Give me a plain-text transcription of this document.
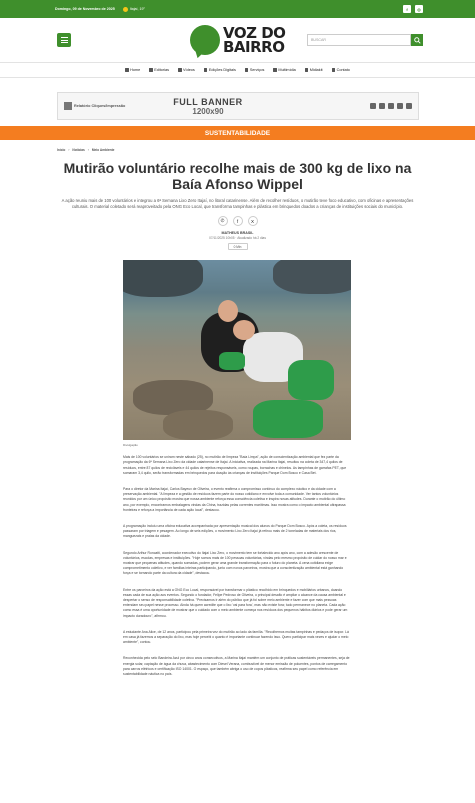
Domingo, 09 de Novembro de 2025	Itajaí, 19°	f	◎
VOZ DO
BAIRRO	BUSCAR
Home	Editorias	Vídeos	Edições Digitais	Serviços	Multimídia	Midiakit	Contato
Relatório Cliques/Impressão	FULL BANNER
1200x90
SUSTENTABILIDADE
Início › Notícias › Meio Ambiente
Mutirão voluntário recolhe mais de 300 kg de lixo na Baía Afonso Wippel

A ação reuniu mais de 100 voluntários e integrou a 6ª Semana Lixo Zero Itajaí, no litoral catarinense. Além de recolher resíduos, o mutirão teve foco educativo, com oficinas e apresentações culturais. O material coletado será reaproveitado pela ONG Eco Local, que transforma tampinhas e plástica em brinquedos doados a crianças de instituições sociais do município.

✆	f	X
MATHEUS BRASIL
07/11/2025 10h05 · Atualizado há 2 dias
0 Min
Divulgação

Mais de 100 voluntários se uniram neste sábado (25), no mutirão de limpeza "Baía Limpa", ação de conscientização ambiental que fez parte da programação da 6ª Semana Lixo Zero da cidade catarinense de Itajaí. A iniciativa, realizada na Marina Itajaí, resultou na coleta de 347,4 quilos de resíduos, entre 87 quilos de recicláveis e 44 quilos de rejeitos responsáveis, como roupas, borrachas e chinelos. As tampinhas de garrafas PET, que somaram 3,4 quilo, serão transformadas em brinquedos para doação às crianças de instituições Parque Dom Bosco e Casa Bet.

Para o diretor da Marina Itajaí, Carlos Bayeux de Oliveira, o evento reafirma o compromisso contínuo do complexo náutico e da cidade com a preservação ambiental. "A limpeza e a gestão de resíduos fazem parte do nosso cotidiano e envolve toda a comunidade. Ver tantos voluntários reunidos por um único propósito mostra que nossa ambiente reforça essa consciência coletiva e inspira novas atitudes. Durante o mutirão do último ano, por exemplo, encontramos embalagens vindas da China, trazidas pelas correntes marítimas. Isso mostra como o impacto ambiental ultrapassa fronteiras e reforça a importância de cada ação local", destacou.

A programação incluiu uma oficina educativa acompanhada por apresentação musical dos alunos do Parque Dom Bosco. Após a coleta, os resíduos passaram por triagem e pesagem. Ao longo de seis edições, o movimento Lixo Zero Itajaí já retirou mais de 2 toneladas de materiais dos rios, manguezais e praias da cidade.

Segundo Arthur Roncatti, coordenador executivo do Itajaí Lixo Zero, o movimento tem se fortalecido ano após ano, com a adesão crescente de voluntários, escolas, empresas e instituições. "Hoje somos mais de 100 pessoas voluntárias, vindas pelo mesmo propósito de cuidar do nosso mar e mostrar que pequenas atitudes, quando somadas, podem gerar uma grande transformação para o futuro do planeta. A cena cotidiana exige comprometimento coletivo, e ver famílias inteiras participando, junto com novos parceiros, mostra que a conscientização ambiental está ganhando força e se tornando parte da cultura da cidade", destacou.

Entre os parceiros da ação está a ONG Eco Local, responsável por transformar o plástico recolhido em brinquedos e mobiliários urbanos, doando essas cada de sua ação aos eventos. Segundo o fundador, Felipe Pedroso de Oliveira, o principal desafio é ampliar o alcance da causa ambiental e despertar o senso de responsabilidade coletiva. "Precisamos ir além do público que já foi sobre meio ambiente e fazer com que mais pessoas entendam seu papel nesse processo. Ainda há quem acredite que o lixo 'vai para fora', mas não existe fora; tudo permanece no planeta. Cada ação como essa é uma oportunidade de mostrar que o cuidado com o meio ambiente começa nos resíduos dos pequenos hábitos diários e pode gerar um impacto duradouro", afirmou.

A estudante Ana Alice, de 12 anos, participou pela primeira vez do mutirão ao lado da família. "Recolhemos muitas tampinhas e pedaços de isopor. Lá em casa já fazemos a separação do lixo, mas hoje percebi o quanto é importante continuar fazendo isso. Quero participar mais vezes e ajudar o meio ambiente", contou.

Reconhecida pelo selo Bandeira Azul por cinco anos consecutivos, a Marina Itajaí mantém um conjunto de práticas sustentáveis permanentes, seja de energia solar, captação de água da chuva, abastecimento com Diesel Verana, combustível de menor emissão de poluentes, pontos de carregamento para carros elétricos e certificação ISO 14001. O espaço, que também abriga o uso de copos plásticos, reafirma seu papel como referência em sustentabilidade náutica no país.
